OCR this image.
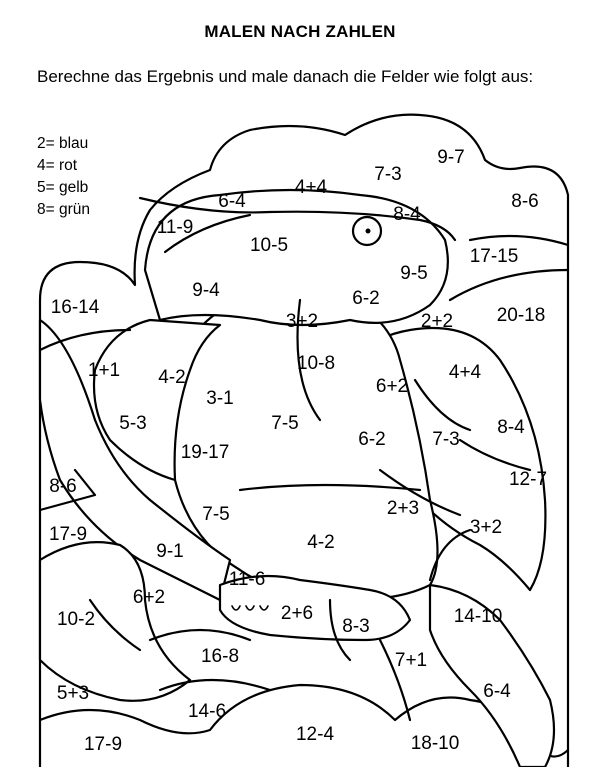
MALEN NACH ZAHLEN
Berechne das Ergebnis und male danach die Felder wie folgt aus:
2= blau
4= rot
5= gelb
8= grün
9-7
7-3
4+4
6-4	8-6
11-9
8-4
10-5
17-15
9-5
9-4	6-2
16-14	20-18
3+2	2+2
1+1 4-2
10-8
6+2
4+4
3-1
5-3	7-5	8-4
6-2 7-3
19-17
12-7
8-6
2+3
7-5
17-9	3+2
4-2
9-1
11-6
6+2
10-2	2+6
8-3	14-10
16-8	7+1
5+3	6-4
14-6
12-4
17-9	18-10
